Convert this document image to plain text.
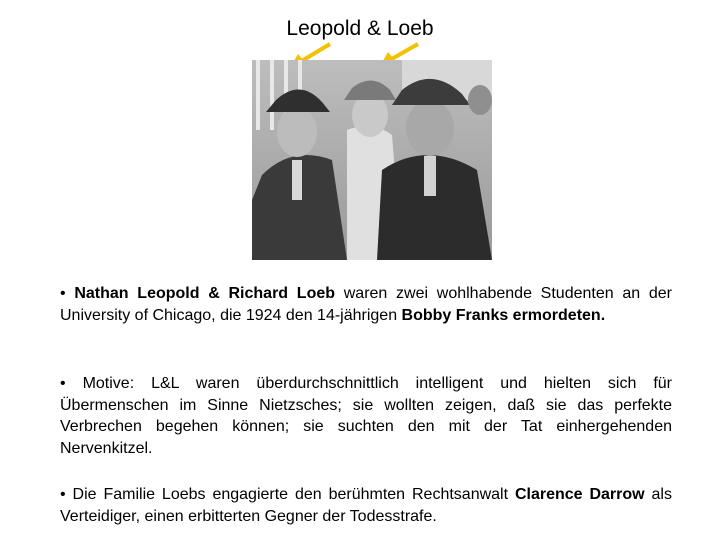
Leopold & Loeb
• Nathan Leopold & Richard Loeb waren zwei wohlhabende Studenten an der University of Chicago, die 1924 den 14-jährigen Bobby Franks ermordeten.
• Motive: L&L waren überdurchschnittlich intelligent und hielten sich für Übermenschen im Sinne Nietzsches; sie wollten zeigen, daß sie das perfekte Verbrechen begehen können; sie suchten den mit der Tat einhergehenden Nervenkitzel.
• Die Familie Loebs engagierte den berühmten Rechtsanwalt Clarence Darrow als Verteidiger, einen erbitterten Gegner der Todesstrafe.
